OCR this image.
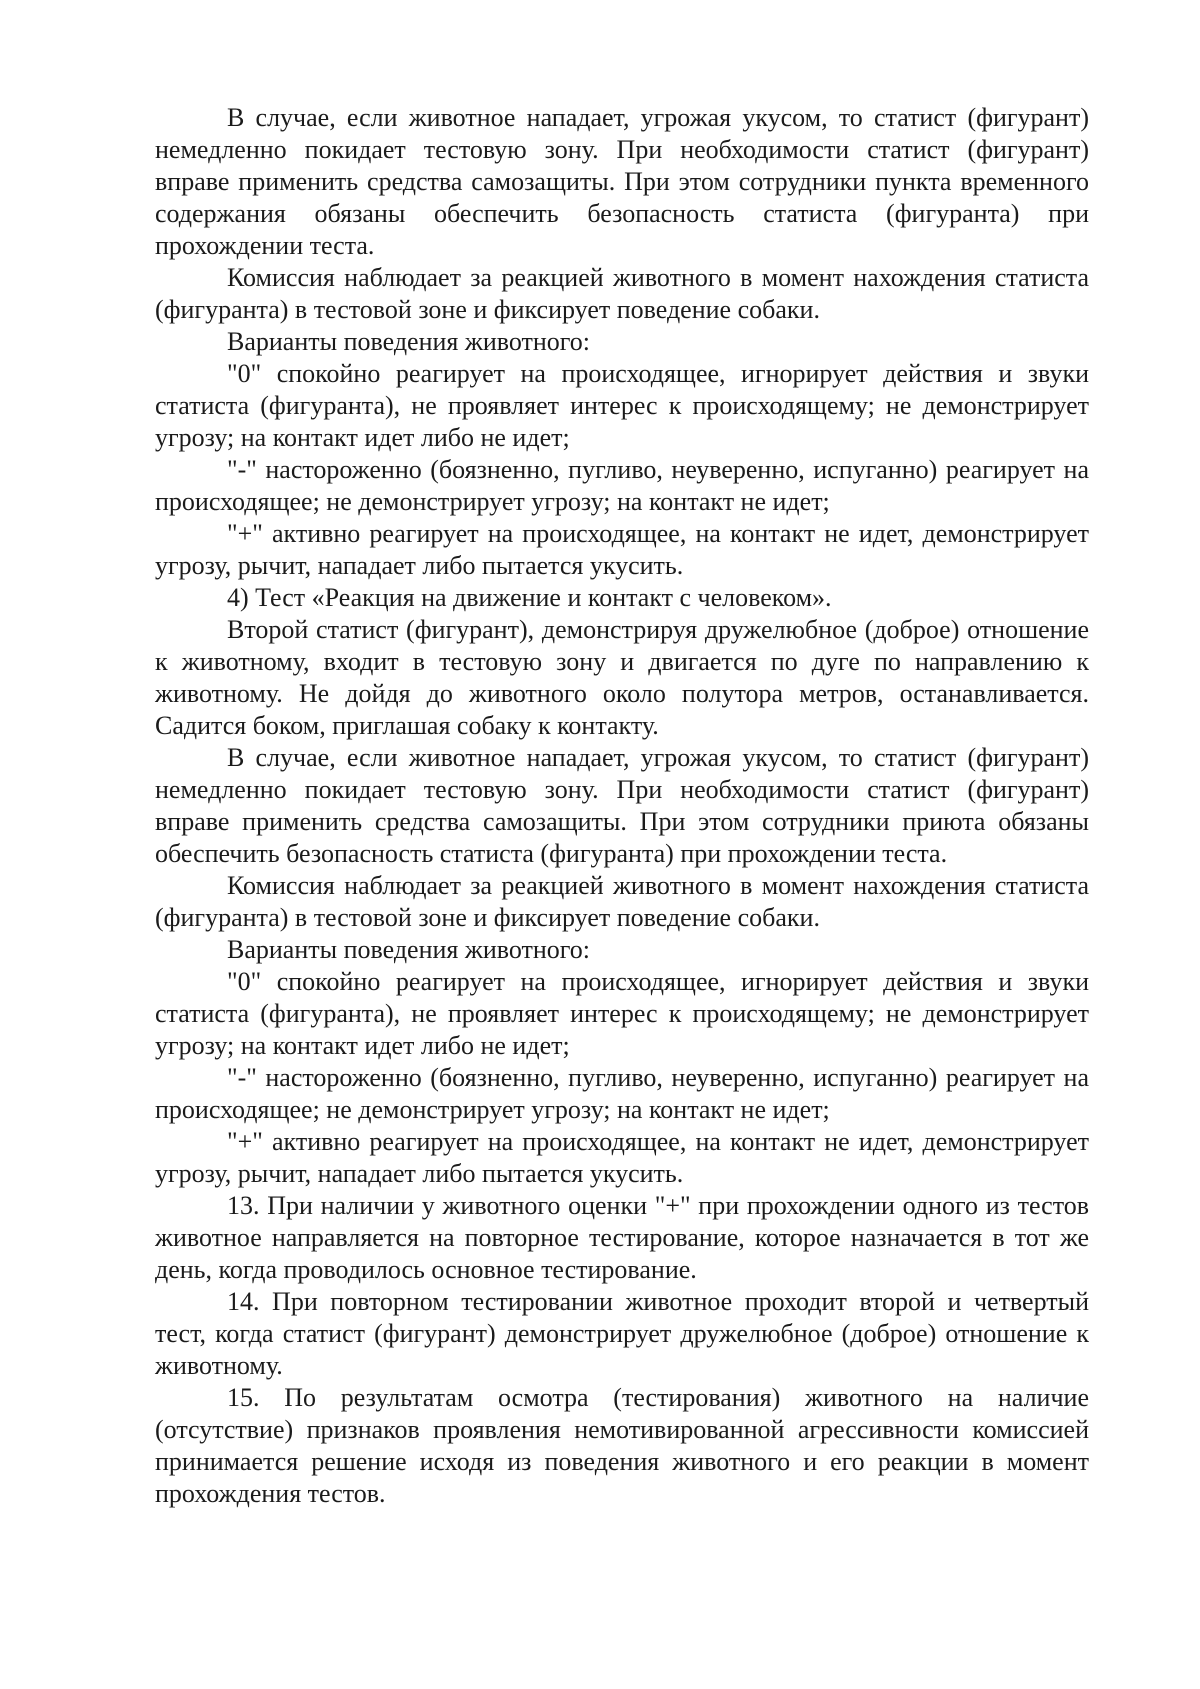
В случае, если животное нападает, угрожая укусом, то статист (фигурант) немедленно покидает тестовую зону. При необходимости статист (фигурант) вправе применить средства самозащиты. При этом сотрудники пункта временного содержания обязаны обеспечить безопасность статиста (фигуранта) при прохождении теста.

Комиссия наблюдает за реакцией животного в момент нахождения статиста (фигуранта) в тестовой зоне и фиксирует поведение собаки.

Варианты поведения животного:

"0" спокойно реагирует на происходящее, игнорирует действия и звуки статиста (фигуранта), не проявляет интерес к происходящему; не демонстрирует угрозу; на контакт идет либо не идет;

"-" настороженно (боязненно, пугливо, неуверенно, испуганно) реагирует на происходящее; не демонстрирует угрозу; на контакт не идет;

"+" активно реагирует на происходящее, на контакт не идет, демонстрирует угрозу, рычит, нападает либо пытается укусить.

4) Тест «Реакция на движение и контакт с человеком».

Второй статист (фигурант), демонстрируя дружелюбное (доброе) отношение к животному, входит в тестовую зону и двигается по дуге по направлению к животному. Не дойдя до животного около полутора метров, останавливается. Садится боком, приглашая собаку к контакту.

В случае, если животное нападает, угрожая укусом, то статист (фигурант) немедленно покидает тестовую зону. При необходимости статист (фигурант) вправе применить средства самозащиты. При этом сотрудники приюта обязаны обеспечить безопасность статиста (фигуранта) при прохождении теста.

Комиссия наблюдает за реакцией животного в момент нахождения статиста (фигуранта) в тестовой зоне и фиксирует поведение собаки.

Варианты поведения животного:

"0" спокойно реагирует на происходящее, игнорирует действия и звуки статиста (фигуранта), не проявляет интерес к происходящему; не демонстрирует угрозу; на контакт идет либо не идет;

"-" настороженно (боязненно, пугливо, неуверенно, испуганно) реагирует на происходящее; не демонстрирует угрозу; на контакт не идет;

"+" активно реагирует на происходящее, на контакт не идет, демонстрирует угрозу, рычит, нападает либо пытается укусить.

13. При наличии у животного оценки "+" при прохождении одного из тестов животное направляется на повторное тестирование, которое назначается в тот же день, когда проводилось основное тестирование.

14. При повторном тестировании животное проходит второй и четвертый тест, когда статист (фигурант) демонстрирует дружелюбное (доброе) отношение к животному.

15. По результатам осмотра (тестирования) животного на наличие (отсутствие) признаков проявления немотивированной агрессивности комиссией принимается решение исходя из поведения животного и его реакции в момент прохождения тестов.
